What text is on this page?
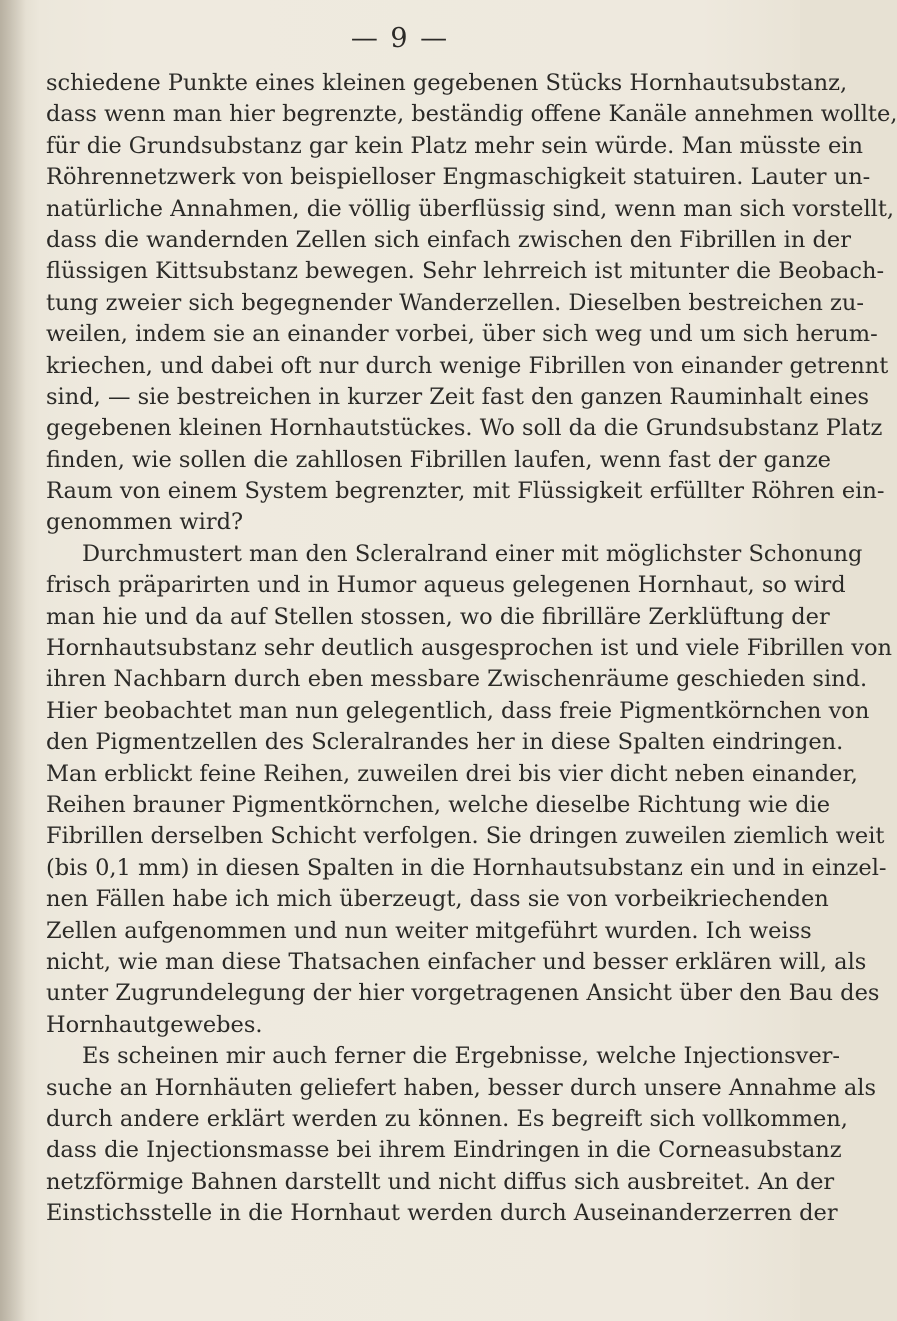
— 9 —
schiedene Punkte eines kleinen gegebenen Stücks Hornhautsubstanz,
dass wenn man hier begrenzte, beständig offene Kanäle annehmen wollte,
für die Grundsubstanz gar kein Platz mehr sein würde. Man müsste ein
Röhrennetzwerk von beispielloser Engmaschigkeit statuiren. Lauter un-
natürliche Annahmen, die völlig überflüssig sind, wenn man sich vorstellt,
dass die wandernden Zellen sich einfach zwischen den Fibrillen in der
flüssigen Kittsubstanz bewegen. Sehr lehrreich ist mitunter die Beobach-
tung zweier sich begegnender Wanderzellen. Dieselben bestreichen zu-
weilen, indem sie an einander vorbei, über sich weg und um sich herum-
kriechen, und dabei oft nur durch wenige Fibrillen von einander getrennt
sind, — sie bestreichen in kurzer Zeit fast den ganzen Rauminhalt eines
gegebenen kleinen Hornhautstückes. Wo soll da die Grundsubstanz Platz
finden, wie sollen die zahllosen Fibrillen laufen, wenn fast der ganze
Raum von einem System begrenzter, mit Flüssigkeit erfüllter Röhren ein-
genommen wird?
Durchmustert man den Scleralrand einer mit möglichster Schonung
frisch präparirten und in Humor aqueus gelegenen Hornhaut, so wird
man hie und da auf Stellen stossen, wo die fibrilläre Zerklüftung der
Hornhautsubstanz sehr deutlich ausgesprochen ist und viele Fibrillen von
ihren Nachbarn durch eben messbare Zwischenräume geschieden sind.
Hier beobachtet man nun gelegentlich, dass freie Pigmentkörnchen von
den Pigmentzellen des Scleralrandes her in diese Spalten eindringen.
Man erblickt feine Reihen, zuweilen drei bis vier dicht neben einander,
Reihen brauner Pigmentkörnchen, welche dieselbe Richtung wie die
Fibrillen derselben Schicht verfolgen. Sie dringen zuweilen ziemlich weit
(bis 0,1 mm) in diesen Spalten in die Hornhautsubstanz ein und in einzel-
nen Fällen habe ich mich überzeugt, dass sie von vorbeikriechenden
Zellen aufgenommen und nun weiter mitgeführt wurden. Ich weiss
nicht, wie man diese Thatsachen einfacher und besser erklären will, als
unter Zugrundelegung der hier vorgetragenen Ansicht über den Bau des
Hornhautgewebes.
Es scheinen mir auch ferner die Ergebnisse, welche Injectionsver-
suche an Hornhäuten geliefert haben, besser durch unsere Annahme als
durch andere erklärt werden zu können. Es begreift sich vollkommen,
dass die Injectionsmasse bei ihrem Eindringen in die Corneasubstanz
netzförmige Bahnen darstellt und nicht diffus sich ausbreitet. An der
Einstichsstelle in die Hornhaut werden durch Auseinanderzerren der
